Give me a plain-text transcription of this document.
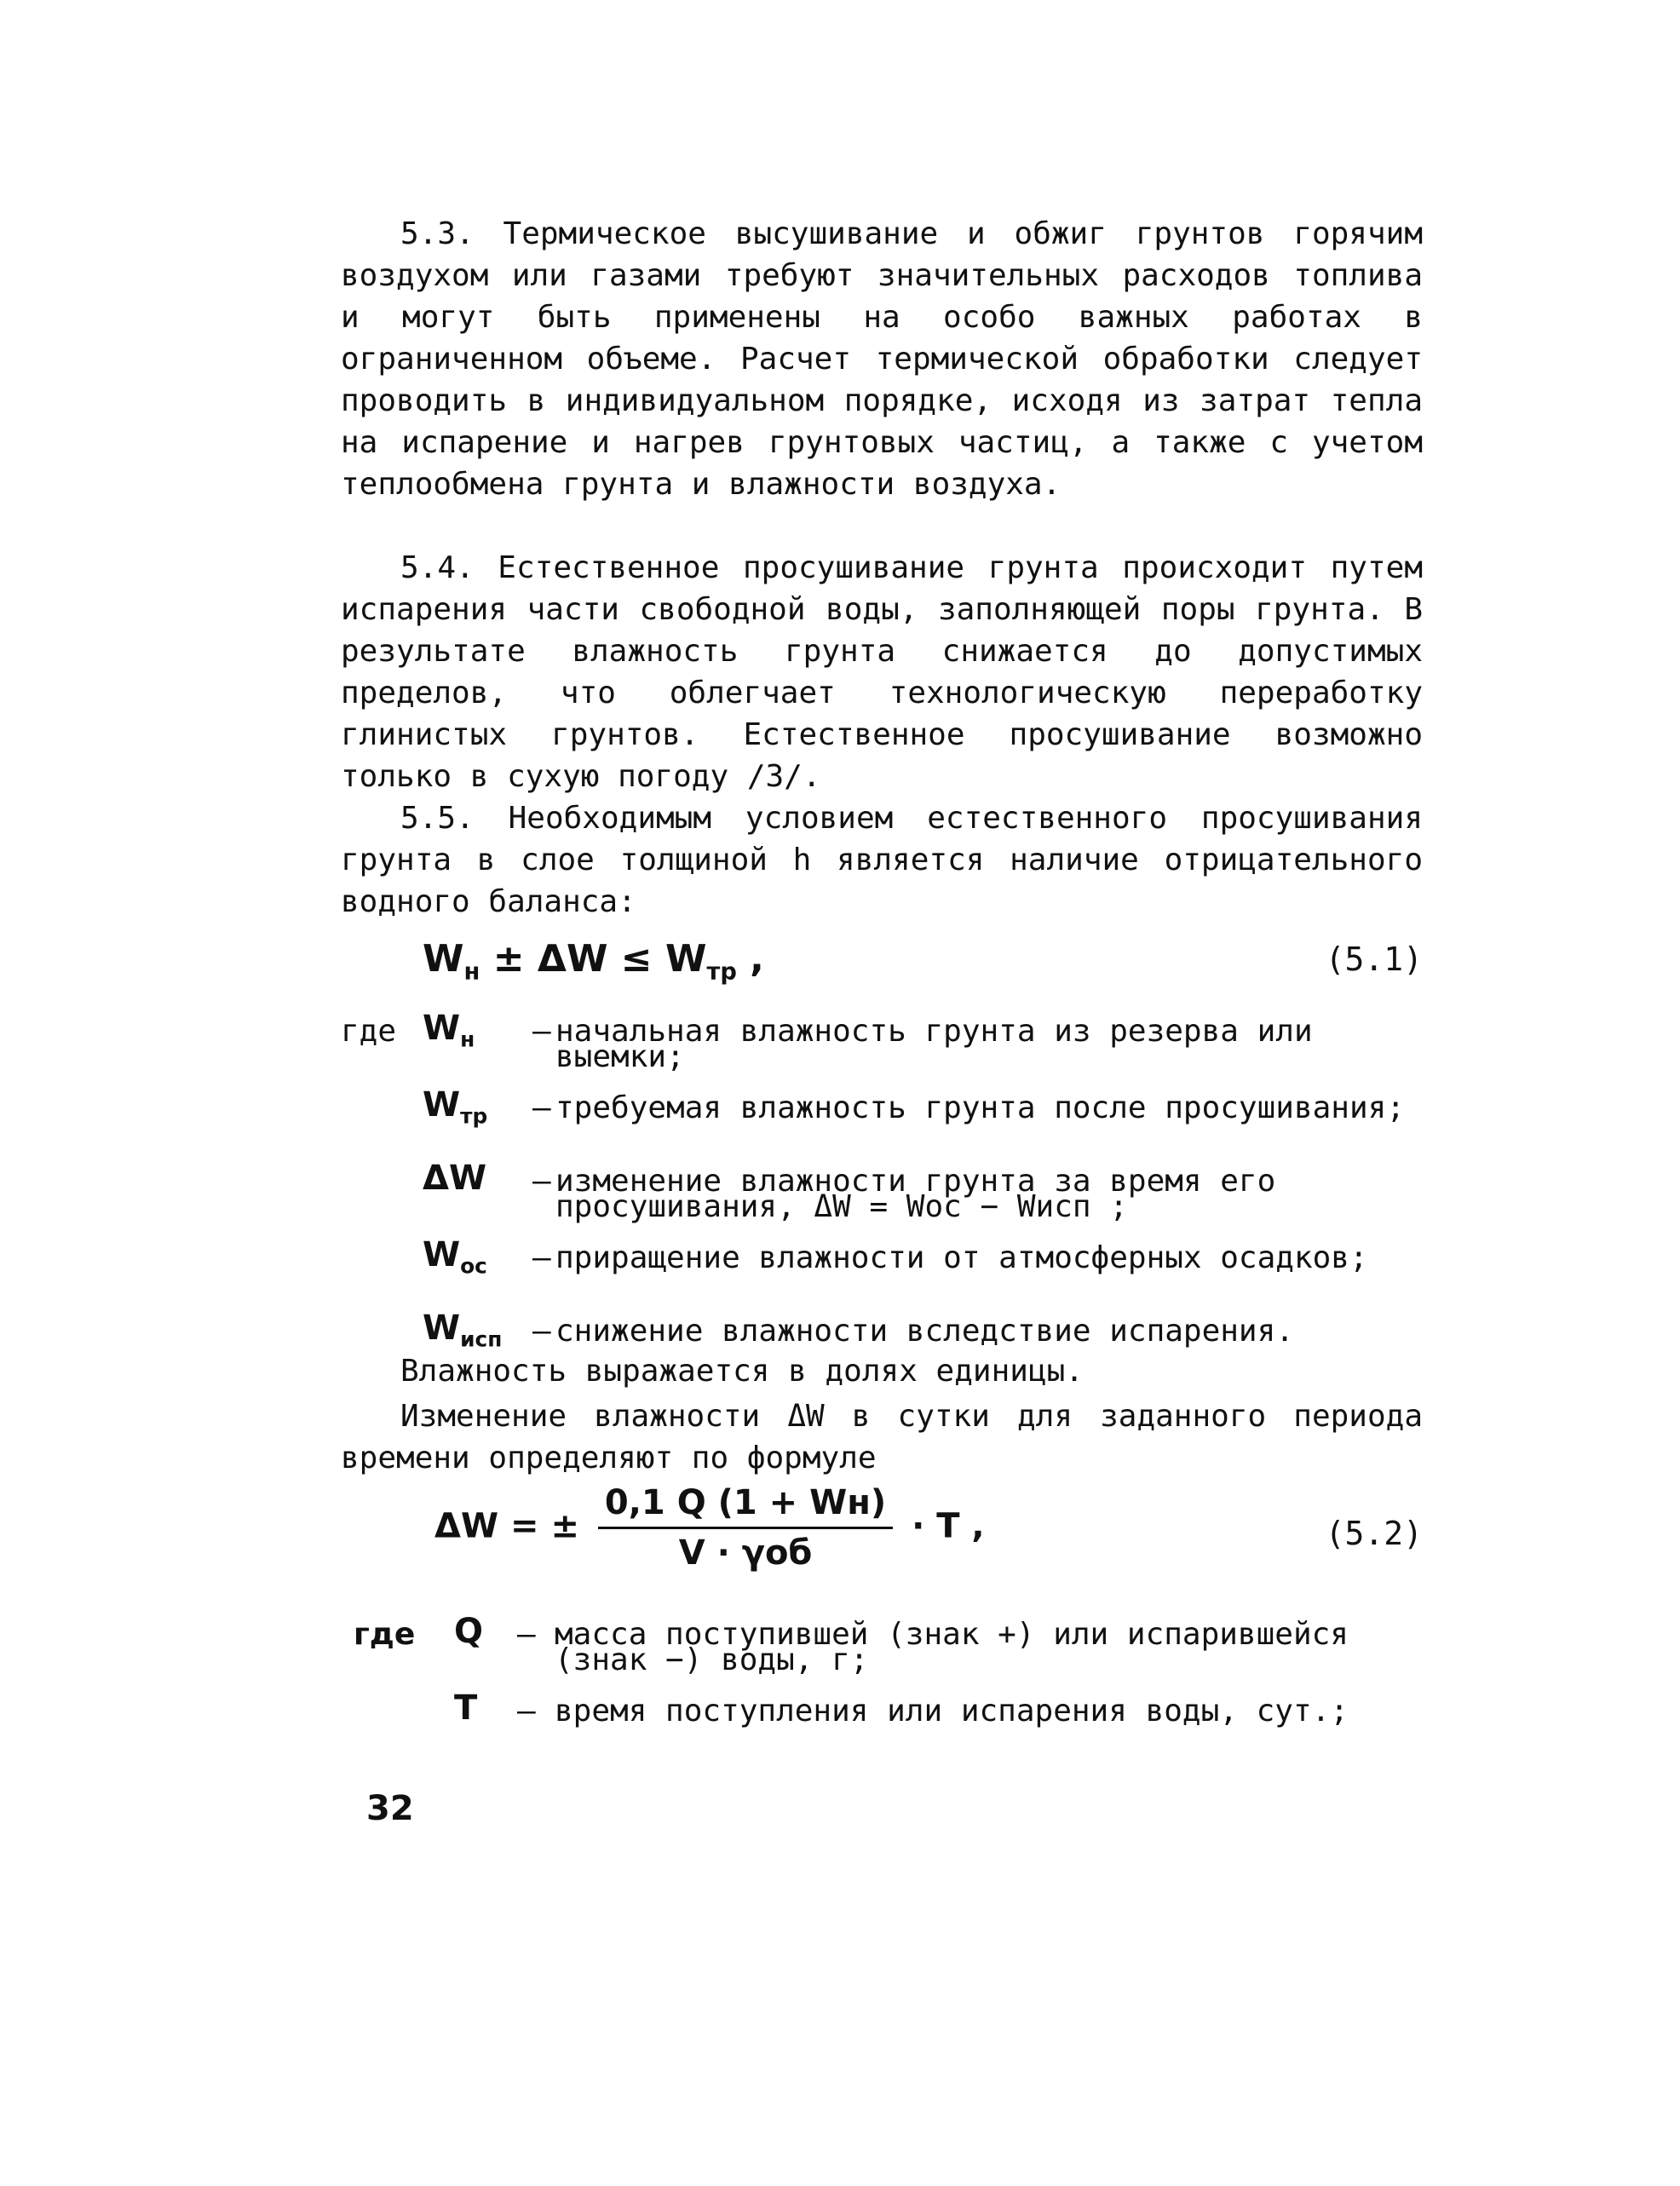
5.3. Термическое высушивание и обжиг грунтов горячим воздухом или газами требуют значительных расходов топлива и могут быть применены на особо важных работах в ограниченном объеме. Расчет термической обработки следует проводить в индивидуальном порядке, исходя из затрат тепла на испарение и нагрев грунтовых частиц, а также с учетом теплообмена грунта и влажности воздуха.

5.4. Естественное просушивание грунта происходит путем испарения части свободной воды, заполняющей поры грунта. В результате влажность грунта снижается до допустимых пределов, что облегчает технологическую переработку глинистых грунтов. Естественное просушивание возможно только в сухую погоду /3/.

5.5. Необходимым условием естественного просушивания грунта в слое толщиной h является наличие отрицательного водного баланса:

$W_н \pm \Delta W \le W_{тр}$ ,	(5.1)
где $W_н$	– начальная влажность грунта из резерва или выемки;
$W_{тр}$	– требуемая влажность грунта после просушивания;
ΔW	– изменение влажности грунта за время его просушивания, ΔW = Wос − Wисп ;
$W_{ос}$	– приращение влажности от атмосферных осадков;
$W_{исп}$ – снижение влажности вследствие испарения.

Влажность выражается в долях единицы.

Изменение влажности ΔW в сутки для заданного периода времени определяют по формуле

ΔW = ± $\frac{0,1 Q (1 + Wн)}{\text{V · γоб}} \cdot T$ ,	(5.2)
где Q	– масса поступившей (знак +) или испарившейся (знак −) воды, г;
T	– время поступления или испарения воды, сут.;
32
